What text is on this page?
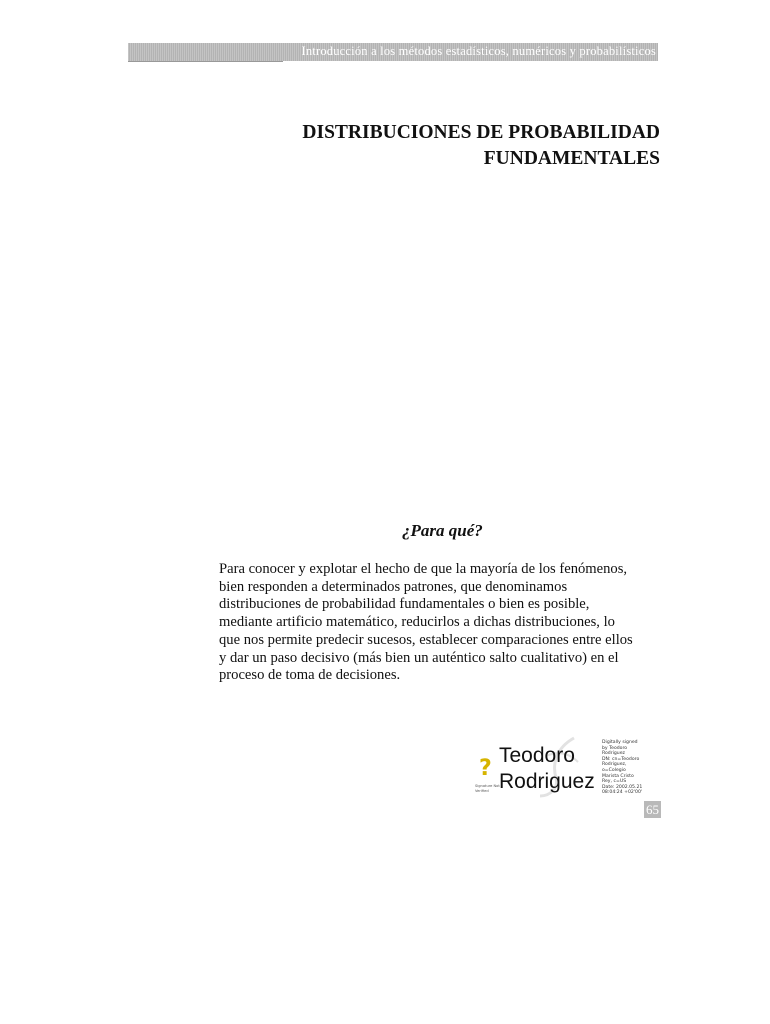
Introducción a los métodos estadísticos, numéricos y probabilísticos
DISTRIBUCIONES DE PROBABILIDAD
FUNDAMENTALES
¿Para qué?
Para conocer y explotar el hecho de que la mayoría de los fenómenos,
bien responden a determinados patrones, que denominamos
distribuciones de probabilidad fundamentales o bien es posible,
mediante artificio matemático, reducirlos a dichas distribuciones, lo
que nos permite predecir sucesos, establecer comparaciones entre ellos
y dar un paso decisivo (más bien un auténtico salto cualitativo) en el
proceso de toma de decisiones.
?
Signature Not Verified
Teodoro
Rodriguez
Digitally signed
by Teodoro
Rodriguez
DN: cn=Teodoro
Rodriguez,
o=Colegio
Marista Cristo
Rey, c=US
Date: 2002.05.21
08:04:24 +02'00'
65
